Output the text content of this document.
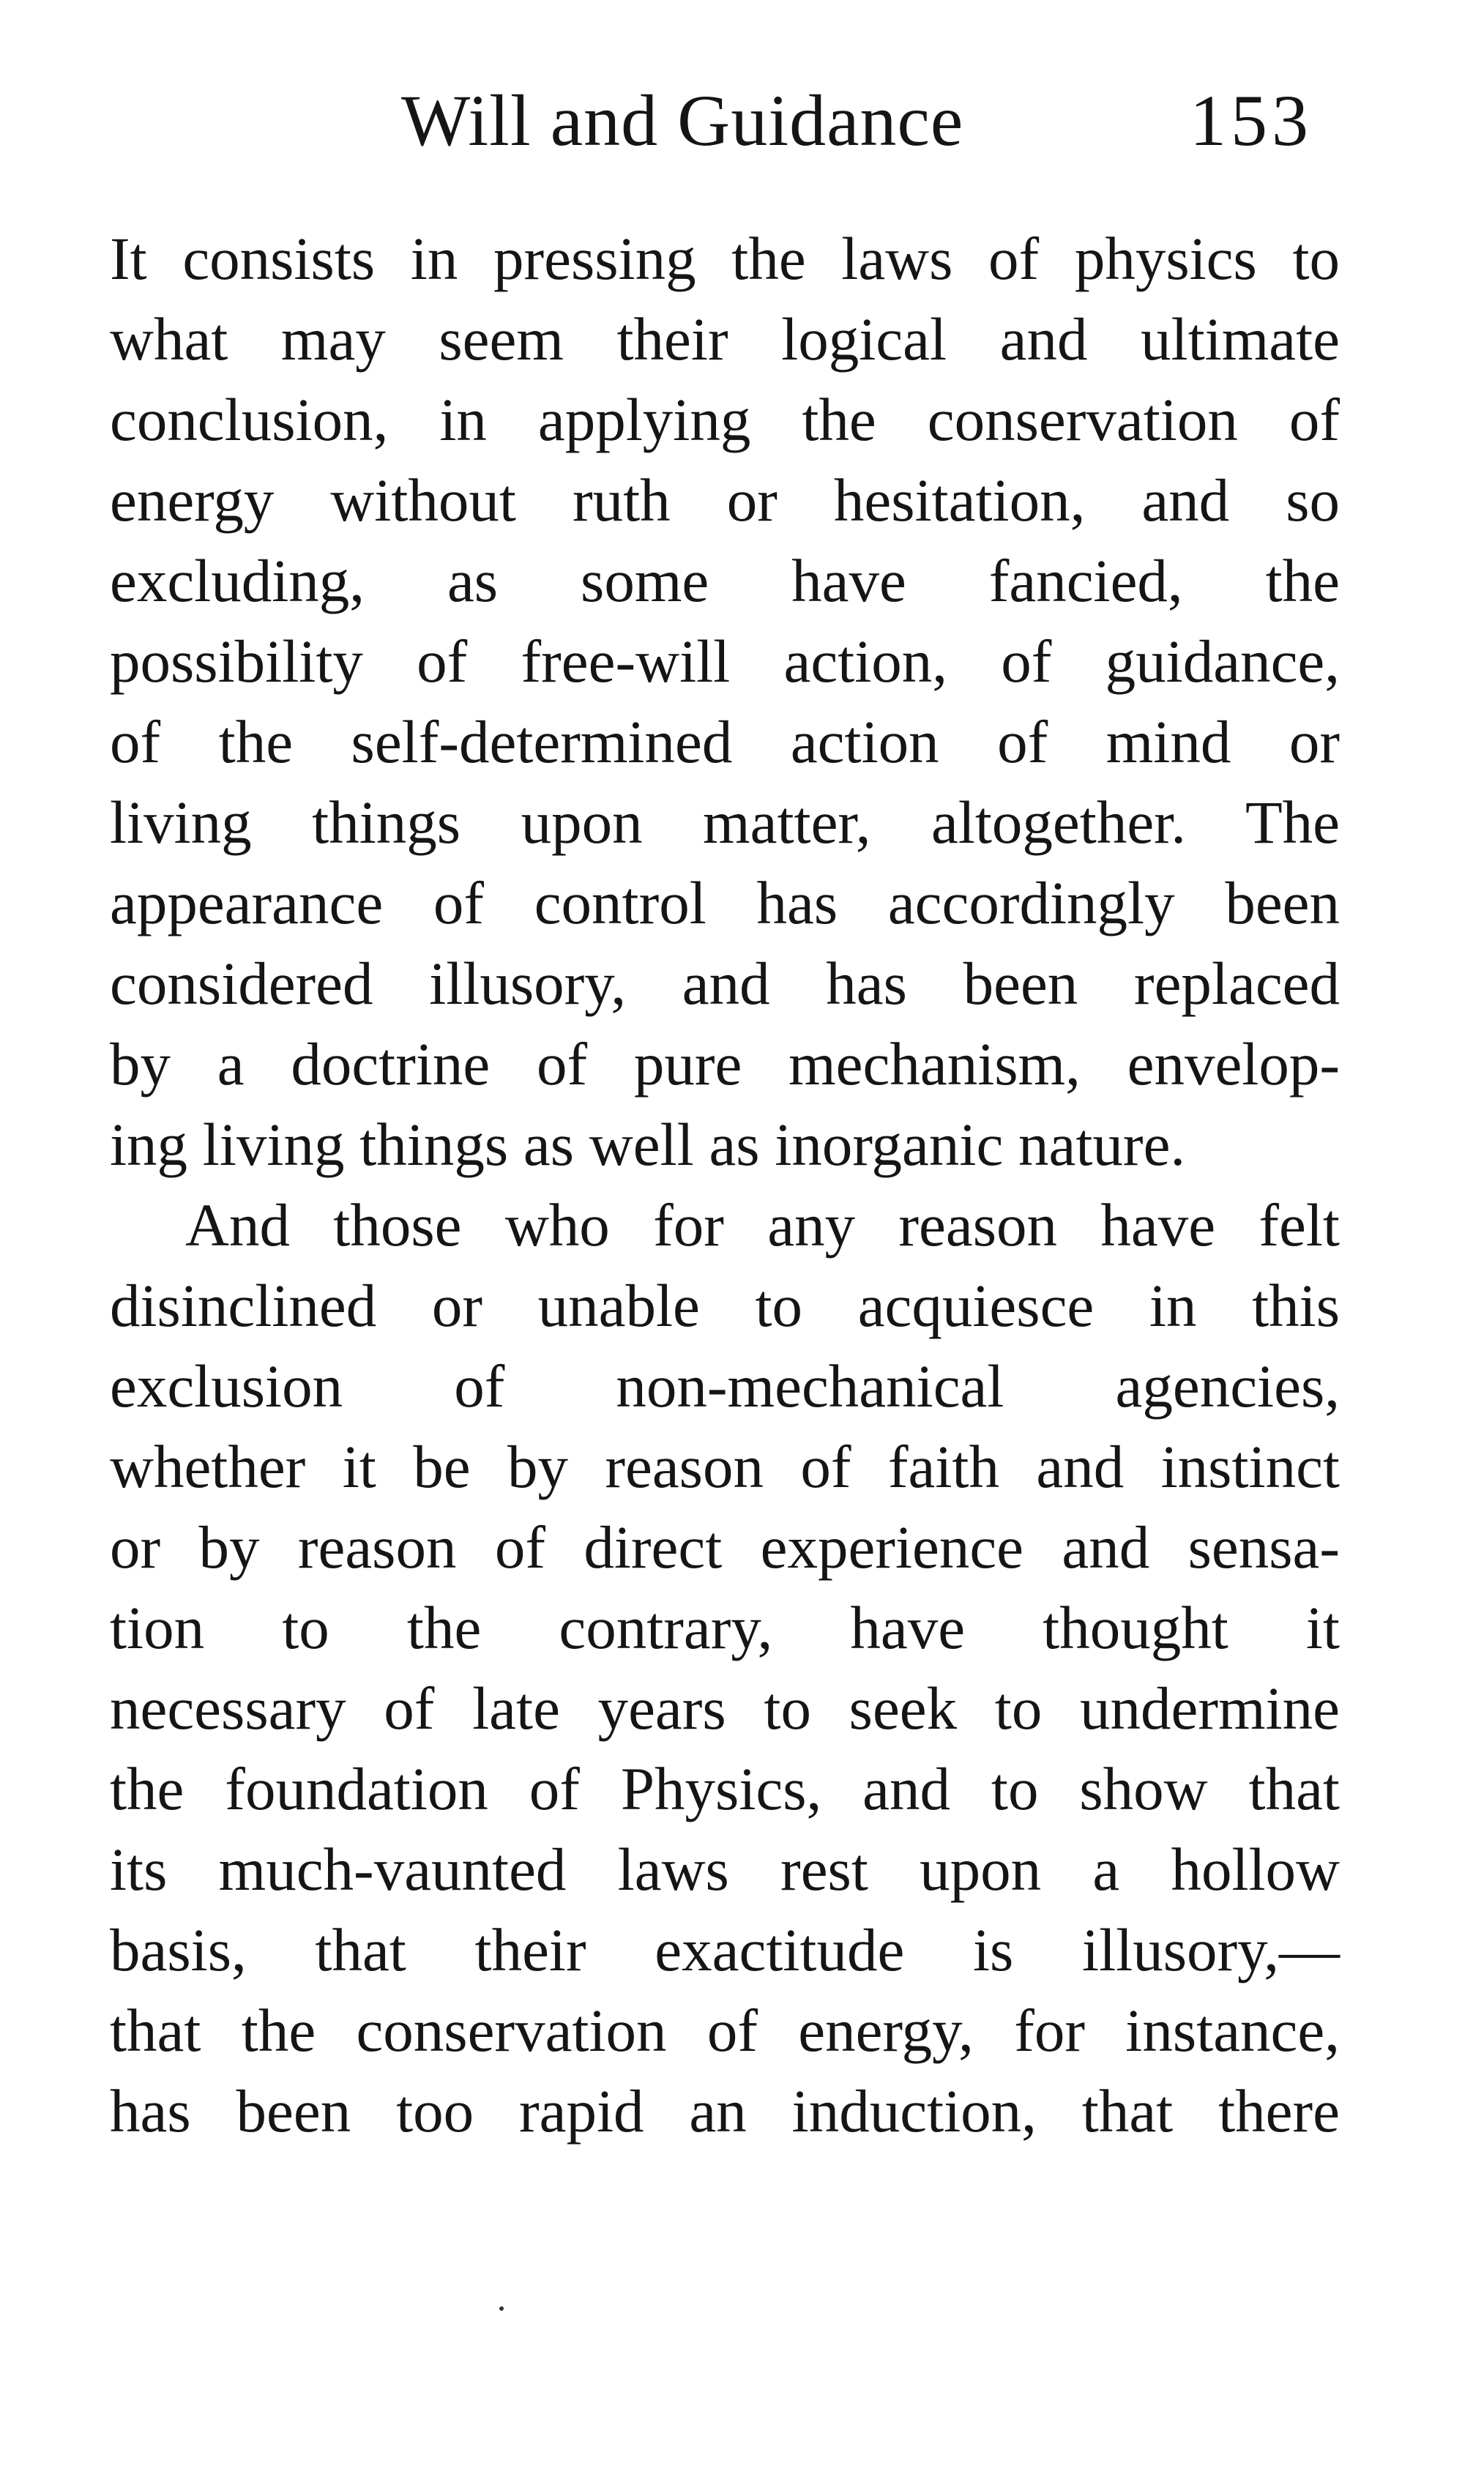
Will and Guidance	153
It consists in pressing the laws of physics to
what may seem their logical and ultimate
conclusion, in applying the conservation of
energy without ruth or hesitation, and so
excluding, as some have fancied, the
possibility of free-will action, of guidance,
of the self-determined action of mind or
living things upon matter, altogether. The
appearance of control has accordingly been
considered illusory, and has been replaced
by a doctrine of pure mechanism, envelop-
ing living things as well as inorganic nature.
And those who for any reason have felt
disinclined or unable to acquiesce in this
exclusion of non-mechanical agencies,
whether it be by reason of faith and instinct
or by reason of direct experience and sensa-
tion to the contrary, have thought it
necessary of late years to seek to undermine
the foundation of Physics, and to show that
its much-vaunted laws rest upon a hollow
basis, that their exactitude is illusory,—
that the conservation of energy, for instance,
has been too rapid an induction, that there
